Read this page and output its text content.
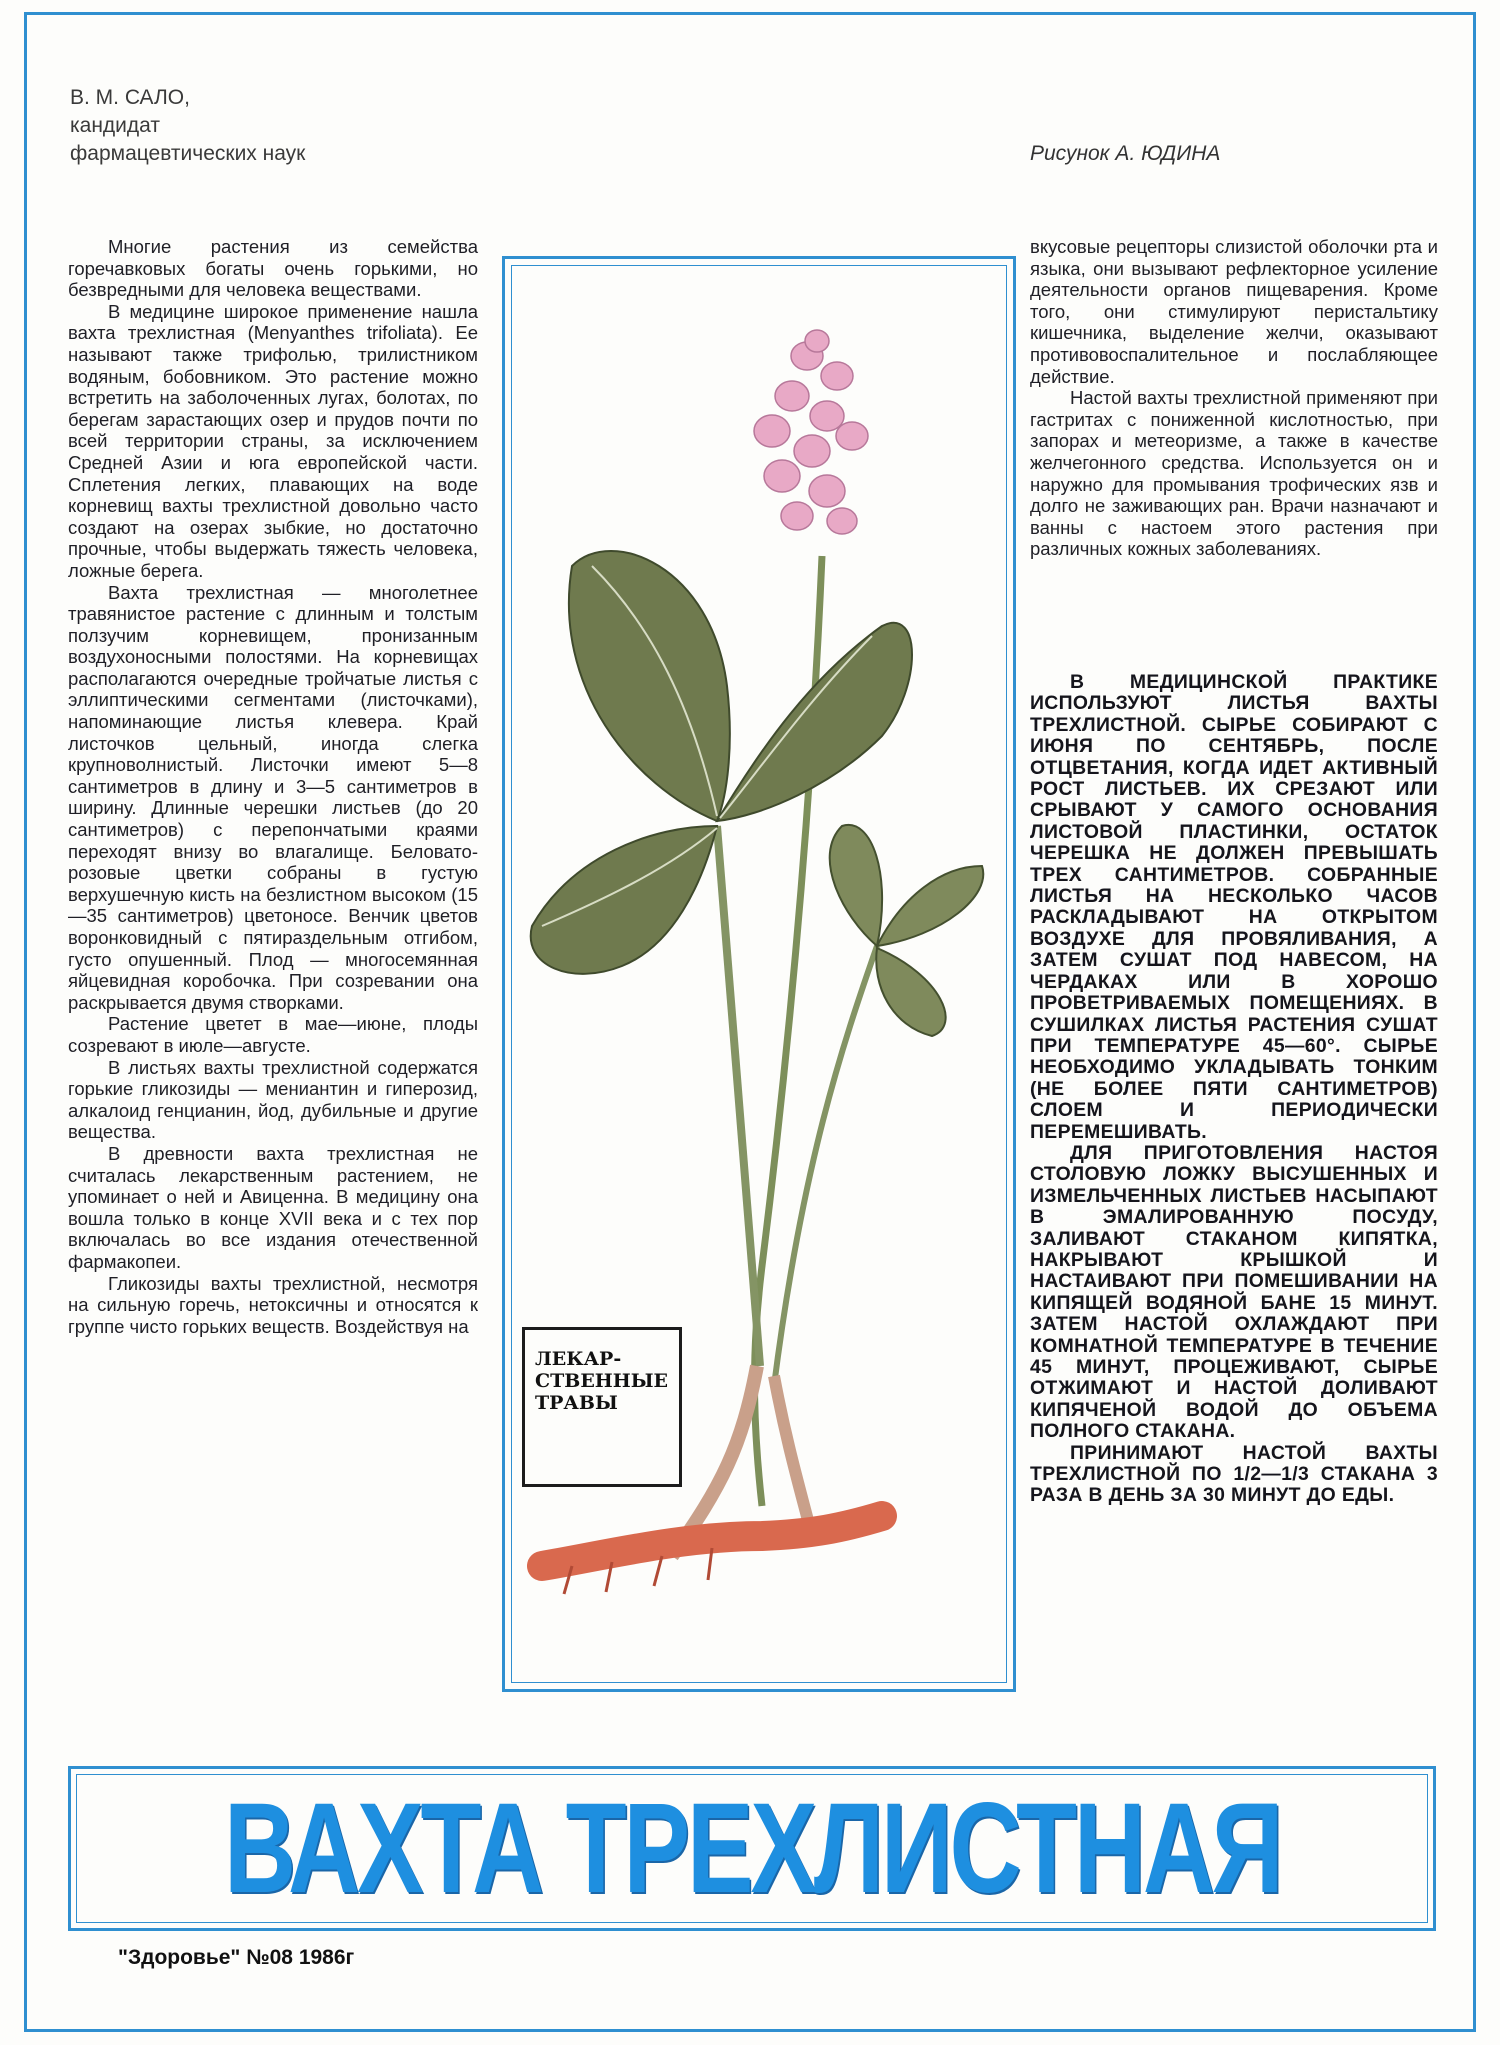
В. М. САЛО,
кандидат
фармацевтических наук	Рисунок А. ЮДИНА

Многие растения из семейства горечавковых богаты очень горькими, но безвредными для человека веществами.

В медицине широкое применение нашла вахта трехлистная (Menyanthes trifoliata). Ее называют также трифолью, трилистником водяным, бобовником. Это растение можно встретить на заболоченных лугах, болотах, по берегам зарастающих озер и прудов почти по всей территории страны, за исключением Средней Азии и юга европейской части. Сплетения легких, плавающих на воде корневищ вахты трехлистной довольно часто создают на озерах зыбкие, но достаточно прочные, чтобы выдержать тяжесть человека, ложные берега.

Вахта трехлистная — многолетнее травянистое растение с длинным и толстым ползучим корневищем, пронизанным воздухоносными полостями. На корневищах располагаются очередные тройчатые листья с эллиптическими сегментами (листочками), напоминающие листья клевера. Край листочков цельный, иногда слегка крупноволнистый. Листочки имеют 5—8 сантиметров в длину и 3—5 сантиметров в ширину. Длинные черешки листьев (до 20 сантиметров) с перепончатыми краями переходят внизу во влагалище. Беловато-розовые цветки собраны в густую верхушечную кисть на безлистном высоком (15—35 сантиметров) цветоносе. Венчик цветов воронковидный с пятираздельным отгибом, густо опушенный. Плод — многосемянная яйцевидная коробочка. При созревании она раскрывается двумя створками.

Растение цветет в мае—июне, плоды созревают в июле—августе.

В листьях вахты трехлистной содержатся горькие гликозиды — мениантин и гиперозид, алкалоид генцианин, йод, дубильные и другие вещества.

В древности вахта трехлистная не считалась лекарственным растением, не упоминает о ней и Авиценна. В медицину она вошла только в конце XVII века и с тех пор включалась во все издания отечественной фармакопеи.

Гликозиды вахты трехлистной, несмотря на сильную горечь, нетоксичны и относятся к группе чисто горьких веществ. Воздействуя на

вкусовые рецепторы слизистой оболочки рта и языка, они вызывают рефлекторное усиление деятельности органов пищеварения. Кроме того, они стимулируют перистальтику кишечника, выделение желчи, оказывают противовоспалительное и послабляющее действие.

Настой вахты трехлистной применяют при гастритах с пониженной кислотностью, при запорах и метеоризме, а также в качестве желчегонного средства. Используется он и наружно для промывания трофических язв и долго не заживающих ран. Врачи назначают и ванны с настоем этого растения при различных кожных заболеваниях.

В МЕДИЦИНСКОЙ ПРАКТИКЕ ИСПОЛЬЗУЮТ ЛИСТЬЯ ВАХТЫ ТРЕХЛИСТНОЙ. СЫРЬЕ СОБИРАЮТ С ИЮНЯ ПО СЕНТЯБРЬ, ПОСЛЕ ОТЦВЕТАНИЯ, КОГДА ИДЕТ АКТИВНЫЙ РОСТ ЛИСТЬЕВ. ИХ СРЕЗАЮТ ИЛИ СРЫВАЮТ У САМОГО ОСНОВАНИЯ ЛИСТОВОЙ ПЛАСТИНКИ, ОСТАТОК ЧЕРЕШКА НЕ ДОЛЖЕН ПРЕВЫШАТЬ ТРЕХ САНТИМЕТРОВ. СОБРАННЫЕ ЛИСТЬЯ НА НЕСКОЛЬКО ЧАСОВ РАСКЛАДЫВАЮТ НА ОТКРЫТОМ ВОЗДУХЕ ДЛЯ ПРОВЯЛИВАНИЯ, А ЗАТЕМ СУШАТ ПОД НАВЕСОМ, НА ЧЕРДАКАХ ИЛИ В ХОРОШО ПРОВЕТРИВАЕМЫХ ПОМЕЩЕНИЯХ. В СУШИЛКАХ ЛИСТЬЯ РАСТЕНИЯ СУШАТ ПРИ ТЕМПЕРАТУРЕ 45—60°. СЫРЬЕ НЕОБХОДИМО УКЛАДЫВАТЬ ТОНКИМ (НЕ БОЛЕЕ ПЯТИ САНТИМЕТРОВ) СЛОЕМ И ПЕРИОДИЧЕСКИ ПЕРЕМЕШИВАТЬ.

ДЛЯ ПРИГОТОВЛЕНИЯ НАСТОЯ СТОЛОВУЮ ЛОЖКУ ВЫСУШЕННЫХ И ИЗМЕЛЬЧЕННЫХ ЛИСТЬЕВ НАСЫПАЮТ В ЭМАЛИРОВАННУЮ ПОСУДУ, ЗАЛИВАЮТ СТАКАНОМ КИПЯТКА, НАКРЫВАЮТ КРЫШКОЙ И НАСТАИВАЮТ ПРИ ПОМЕШИВАНИИ НА КИПЯЩЕЙ ВОДЯНОЙ БАНЕ 15 МИНУТ. ЗАТЕМ НАСТОЙ ОХЛАЖДАЮТ ПРИ КОМНАТНОЙ ТЕМПЕРАТУРЕ В ТЕЧЕНИЕ 45 МИНУТ, ПРОЦЕЖИВАЮТ, СЫРЬЕ ОТЖИМАЮТ И НАСТОЙ ДОЛИВАЮТ КИПЯЧЕНОЙ ВОДОЙ ДО ОБЪЕМА ПОЛНОГО СТАКАНА.

ПРИНИМАЮТ НАСТОЙ ВАХТЫ ТРЕХЛИСТНОЙ ПО 1/2—1/3 СТАКАНА 3 РАЗА В ДЕНЬ ЗА 30 МИНУТ ДО ЕДЫ.

ЛЕКАР-
СТВЕННЫЕ
ТРАВЫ
ВАХТА ТРЕХЛИСТНАЯ
"Здоровье" №08 1986г
